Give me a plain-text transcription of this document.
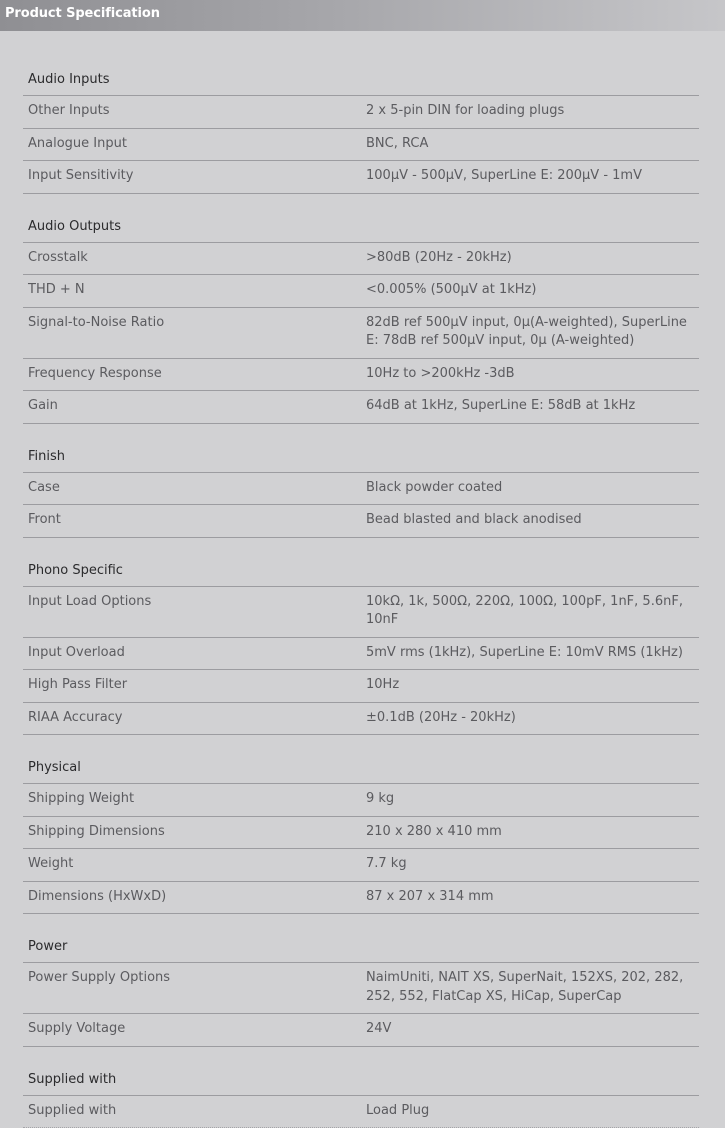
Product Specification
Audio Inputs
Other Inputs	2 x 5-pin DIN for loading plugs
Analogue Input	BNC, RCA
Input Sensitivity	100µV - 500µV, SuperLine E: 200µV - 1mV
Audio Outputs
Crosstalk	>80dB (20Hz - 20kHz)
THD + N	<0.005% (500µV at 1kHz)
Signal-to-Noise Ratio	82dB ref 500µV input, 0µ(A-weighted), SuperLine E: 78dB ref 500µV input, 0µ (A-weighted)
Frequency Response	10Hz to >200kHz -3dB
Gain	64dB at 1kHz, SuperLine E: 58dB at 1kHz
Finish
Case	Black powder coated
Front	Bead blasted and black anodised
Phono Specific
Input Load Options	10kΩ, 1k, 500Ω, 220Ω, 100Ω, 100pF, 1nF, 5.6nF, 10nF
Input Overload	5mV rms (1kHz), SuperLine E: 10mV RMS (1kHz)
High Pass Filter	10Hz
RIAA Accuracy	±0.1dB (20Hz - 20kHz)
Physical
Shipping Weight	9 kg
Shipping Dimensions	210 x 280 x 410 mm
Weight	7.7 kg
Dimensions (HxWxD)	87 x 207 x 314 mm
Power
Power Supply Options	NaimUniti, NAIT XS, SuperNait, 152XS, 202, 282, 252, 552, FlatCap XS, HiCap, SuperCap
Supply Voltage	24V
Supplied with
Supplied with	Load Plug
